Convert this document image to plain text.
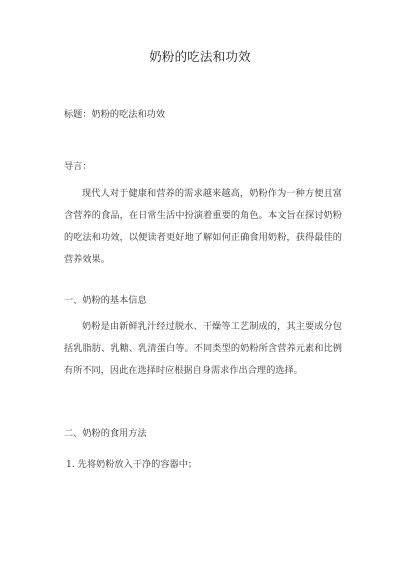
奶粉的吃法和功效
标题：奶粉的吃法和功效
导言：

现代人对于健康和营养的需求越来越高，奶粉作为一种方便且富含营养的食品，在日常生活中扮演着重要的角色。本文旨在探讨奶粉的吃法和功效，以便读者更好地了解如何正确食用奶粉，获得最佳的营养效果。

一、奶粉的基本信息

奶粉是由新鲜乳汁经过脱水、干燥等工艺制成的，其主要成分包括乳脂肪、乳糖、乳清蛋白等。不同类型的奶粉所含营养元素和比例有所不同，因此在选择时应根据自身需求作出合理的选择。

二、奶粉的食用方法
1. 先将奶粉放入干净的容器中；
